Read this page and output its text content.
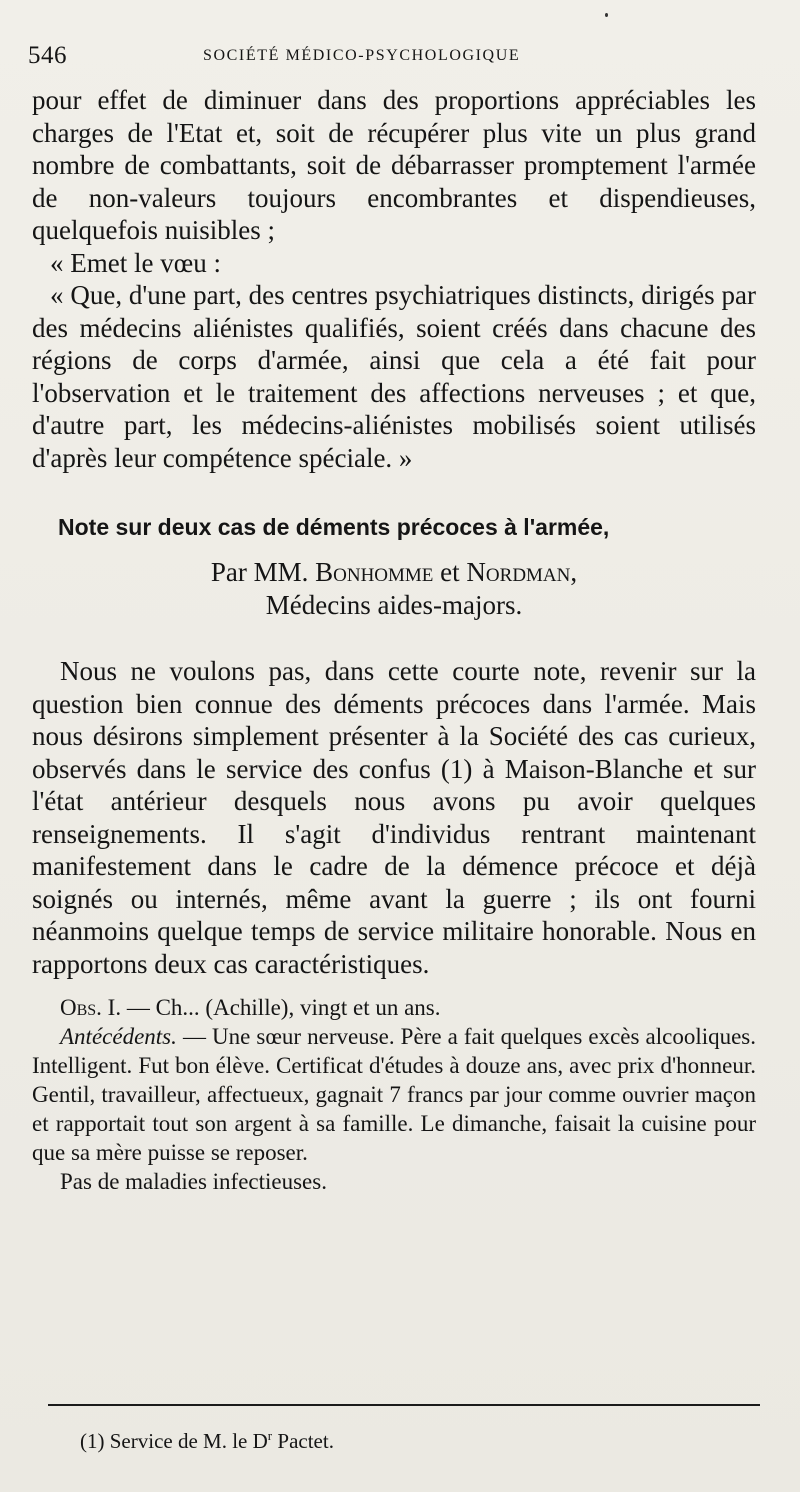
546	SOCIÉTÉ MÉDICO-PSYCHOLOGIQUE

pour effet de diminuer dans des proportions appréciables les charges de l'Etat et, soit de récupérer plus vite un plus grand nombre de combattants, soit de débarrasser promptement l'armée de non-valeurs toujours encombrantes et dispendieuses, quelquefois nuisibles ;

« Emet le vœu :

« Que, d'une part, des centres psychiatriques distincts, dirigés par des médecins aliénistes qualifiés, soient créés dans chacune des régions de corps d'armée, ainsi que cela a été fait pour l'observation et le traitement des affections nerveuses ; et que, d'autre part, les médecins-aliénistes mobilisés soient utilisés d'après leur compétence spéciale. »

Note sur deux cas de déments précoces à l'armée,

Par MM. Bonhomme et Nordman,

Médecins aides-majors.

Nous ne voulons pas, dans cette courte note, revenir sur la question bien connue des déments précoces dans l'armée. Mais nous désirons simplement présenter à la Société des cas curieux, observés dans le service des confus (1) à Maison-Blanche et sur l'état antérieur desquels nous avons pu avoir quelques renseignements. Il s'agit d'individus rentrant maintenant manifestement dans le cadre de la démence précoce et déjà soignés ou internés, même avant la guerre ; ils ont fourni néanmoins quelque temps de service militaire honorable. Nous en rapportons deux cas caractéristiques.

Obs. I. — Ch... (Achille), vingt et un ans.

Antécédents. — Une sœur nerveuse. Père a fait quelques excès alcooliques. Intelligent. Fut bon élève. Certificat d'études à douze ans, avec prix d'honneur. Gentil, travailleur, affectueux, gagnait 7 francs par jour comme ouvrier maçon et rapportait tout son argent à sa famille. Le dimanche, faisait la cuisine pour que sa mère puisse se reposer.

Pas de maladies infectieuses.

(1) Service de M. le $D^r$ Pactet.
